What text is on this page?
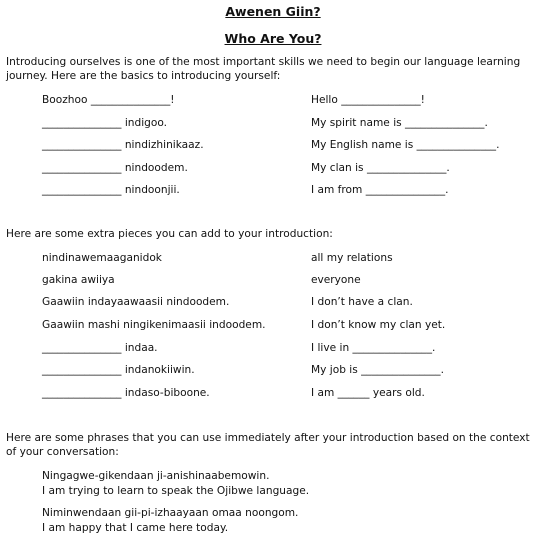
Awenen Giin?
Who Are You?
Introducing ourselves is one of the most important skills we need to begin our language learning journey. Here are the basics to introducing yourself:
Boozhoo _______________!	Hello _______________!
_______________ indigoo.	My spirit name is _______________.
_______________ nindizhinikaaz.	My English name is _______________.
_______________ nindoodem.	My clan is _______________.
_______________ nindoonjii.	I am from _______________.
Here are some extra pieces you can add to your introduction:
nindinawemaaganidok	all my relations
gakina awiiya	everyone
Gaawiin indayaawaasii nindoodem.	I don’t have a clan.
Gaawiin mashi ningikenimaasii indoodem.	I don’t know my clan yet.
_______________ indaa.	I live in _______________.
_______________ indanokiiwin.	My job is _______________.
_______________ indaso-biboone.	I am ______ years old.
Here are some phrases that you can use immediately after your introduction based on the context of your conversation:
Ningagwe-gikendaan ji-anishinaabemowin.
I am trying to learn to speak the Ojibwe language.
Niminwendaan gii-pi-izhaayaan omaa noongom.
I am happy that I came here today.
